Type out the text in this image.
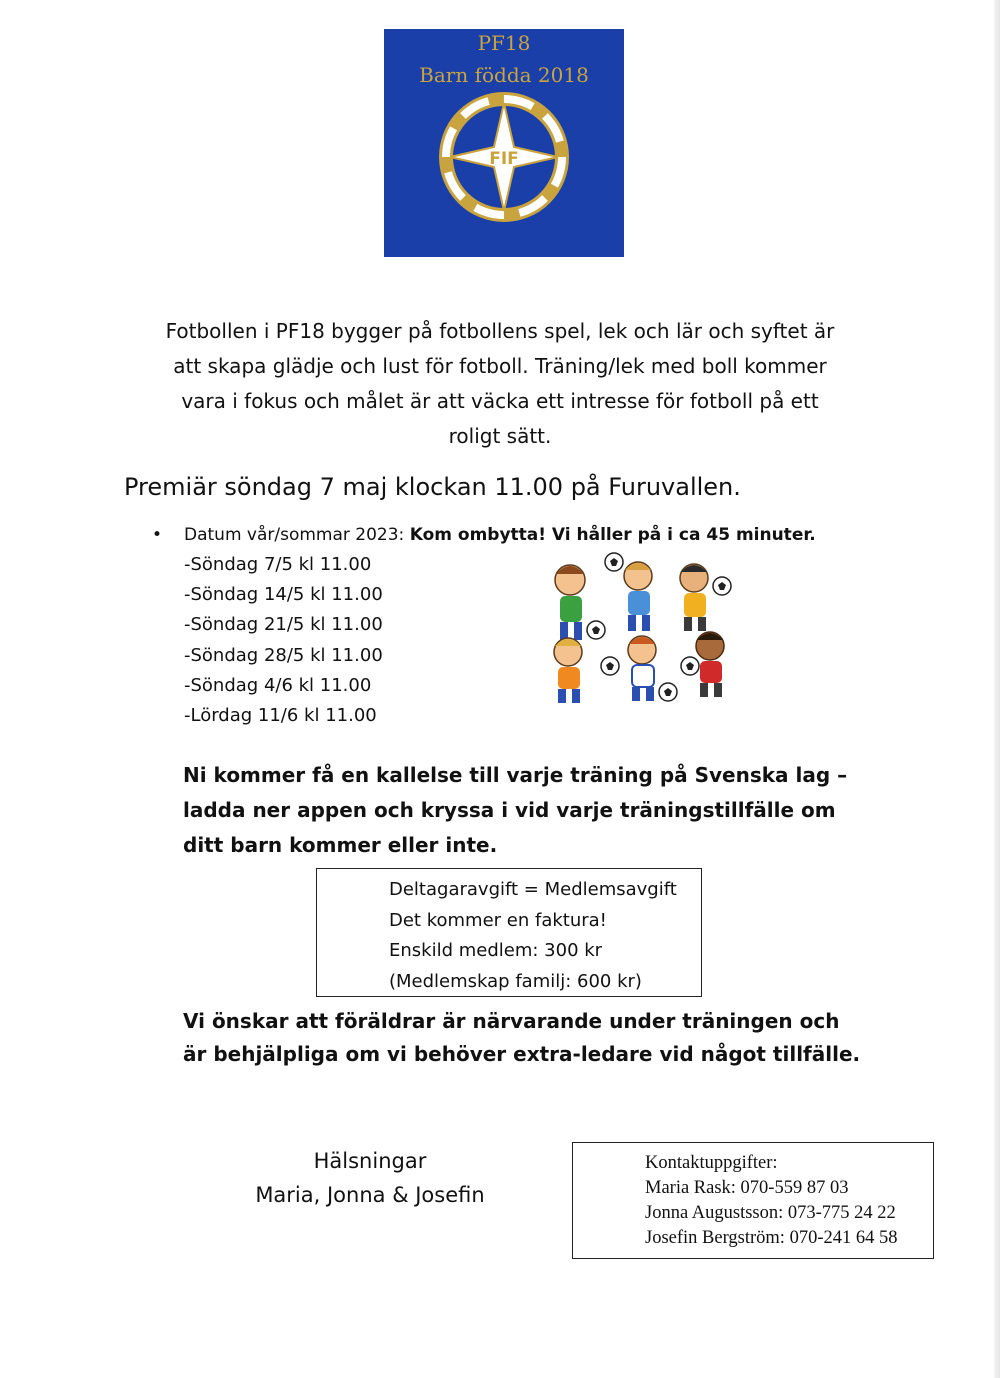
PF18
Barn födda 2018
FIF
Fotbollen i PF18 bygger på fotbollens spel, lek och lär och syftet är
att skapa glädje och lust för fotboll. Träning/lek med boll kommer
vara i fokus och målet är att väcka ett intresse för fotboll på ett
roligt sätt.
Premiär söndag 7 maj klockan 11.00 på Furuvallen.
• Datum vår/sommar 2023: Kom ombytta! Vi håller på i ca 45 minuter.
-Söndag 7/5 kl 11.00
-Söndag 14/5 kl 11.00
-Söndag 21/5 kl 11.00
-Söndag 28/5 kl 11.00
-Söndag 4/6 kl 11.00
-Lördag 11/6 kl 11.00
Ni kommer få en kallelse till varje träning på Svenska lag –
ladda ner appen och kryssa i vid varje träningstillfälle om
ditt barn kommer eller inte.
Deltagaravgift = Medlemsavgift
Det kommer en faktura!
Enskild medlem: 300 kr
(Medlemskap familj: 600 kr)
Vi önskar att föräldrar är närvarande under träningen och
är behjälpliga om vi behöver extra-ledare vid något tillfälle.
Hälsningar
Maria, Jonna & Josefin
Kontaktuppgifter:
Maria Rask: 070-559 87 03
Jonna Augustsson: 073-775 24 22
Josefin Bergström: 070-241 64 58
